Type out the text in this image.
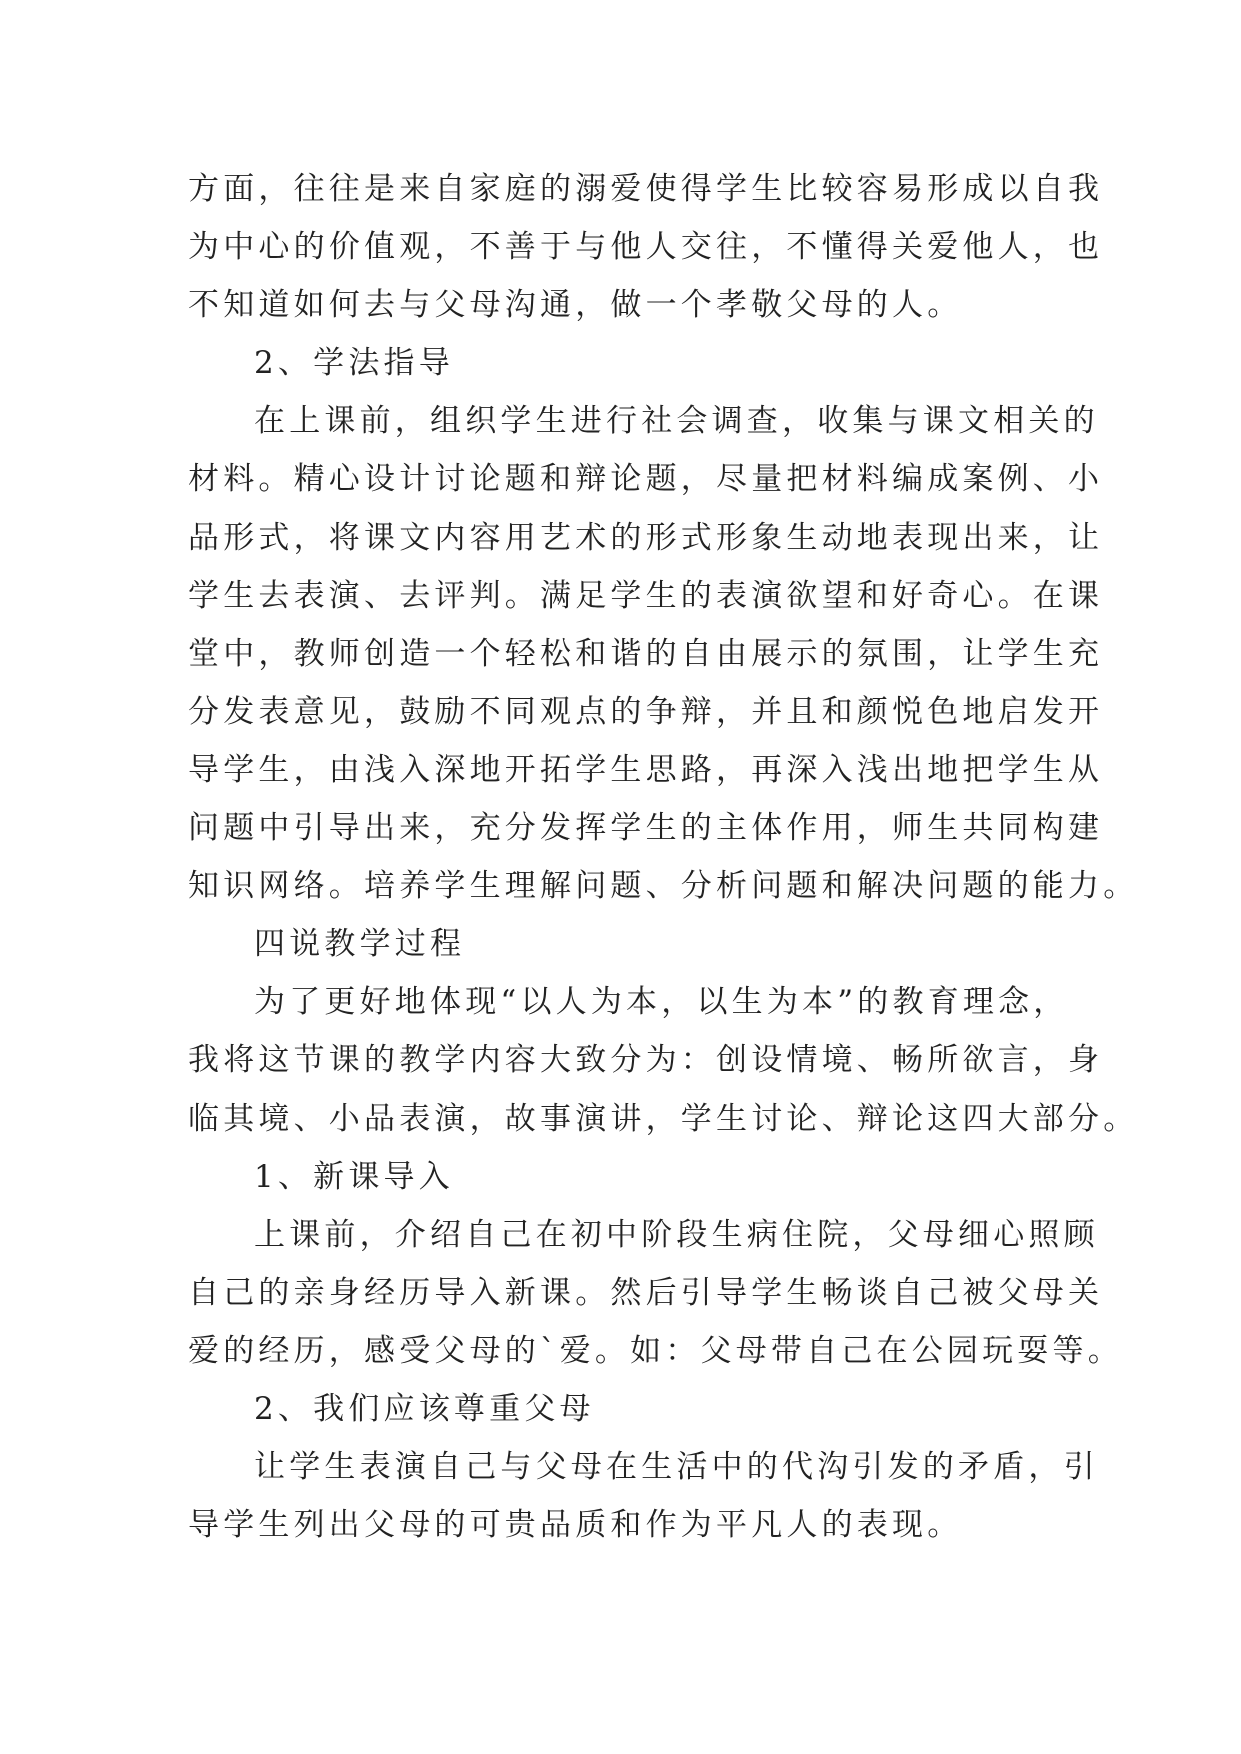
方面，往往是来自家庭的溺爱使得学生比较容易形成以自我
为中心的价值观，不善于与他人交往，不懂得关爱他人，也
不知道如何去与父母沟通，做一个孝敬父母的人。
2、学法指导
在上课前，组织学生进行社会调查，收集与课文相关的
材料。精心设计讨论题和辩论题，尽量把材料编成案例、小
品形式，将课文内容用艺术的形式形象生动地表现出来，让
学生去表演、去评判。满足学生的表演欲望和好奇心。在课
堂中，教师创造一个轻松和谐的自由展示的氛围，让学生充
分发表意见，鼓励不同观点的争辩，并且和颜悦色地启发开
导学生，由浅入深地开拓学生思路，再深入浅出地把学生从
问题中引导出来，充分发挥学生的主体作用，师生共同构建
知识网络。培养学生理解问题、分析问题和解决问题的能力。
四说教学过程
为了更好地体现“以人为本，以生为本”的教育理念，
我将这节课的教学内容大致分为：创设情境、畅所欲言，身
临其境、小品表演，故事演讲，学生讨论、辩论这四大部分。
1、新课导入
上课前，介绍自己在初中阶段生病住院，父母细心照顾
自己的亲身经历导入新课。然后引导学生畅谈自己被父母关
爱的经历，感受父母的`爱。如：父母带自己在公园玩耍等。
2、我们应该尊重父母
让学生表演自己与父母在生活中的代沟引发的矛盾，引
导学生列出父母的可贵品质和作为平凡人的表现。
